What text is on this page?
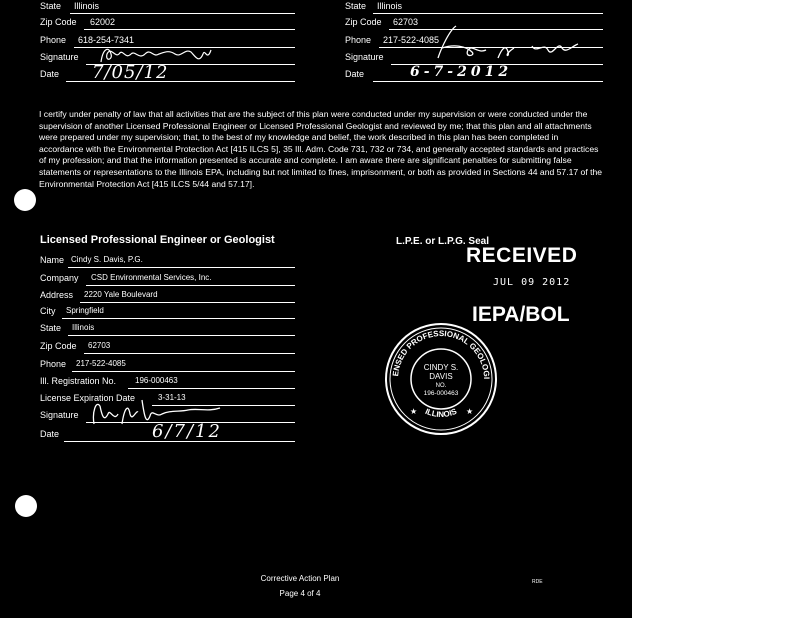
State Illinois
Zip Code 62002
Phone 618-254-7341
Signature
Date 7/05/12
State Illinois
Zip Code 62703
Phone 217-522-4085
Signature
Date	6-7-2012

I certify under penalty of law that all activities that are the subject of this plan were conducted under my supervision or were conducted under the supervision of another Licensed Professional Engineer or Licensed Professional Geologist and reviewed by me; that this plan and all attachments were prepared under my supervision; that, to the best of my knowledge and belief, the work described in this plan has been completed in accordance with the Environmental Protection Act [415 ILCS 5], 35 Ill. Adm. Code 731, 732 or 734, and generally accepted standards and practices of my profession; and that the information presented is accurate and complete. I am aware there are significant penalties for submitting false statements or representations to the Illinois EPA, including but not limited to fines, imprisonment, or both as provided in Sections 44 and 57.17 of the Environmental Protection Act [415 ILCS 5/44 and 57.17].

Licensed Professional Engineer or Geologist
Name Cindy S. Davis, P.G.
Company CSD Environmental Services, Inc.
Address 2220 Yale Boulevard
City Springfield
State Illinois
Zip Code 62703
Phone 217-522-4085
Ill. Registration No. 196-000463
License Expiration Date	3-31-13
Signature
Date	6/7/12
L.P.E. or L.P.G. Seal
RECEIVED
JUL 09 2012
IEPA/BOL
LICENSED PROFESSIONAL GEOLOGIST
ILLINOIS
CINDY S.
DAVIS
NO.
196-000463
★	★
Corrective Action Plan
Page 4 of 4
RDE
